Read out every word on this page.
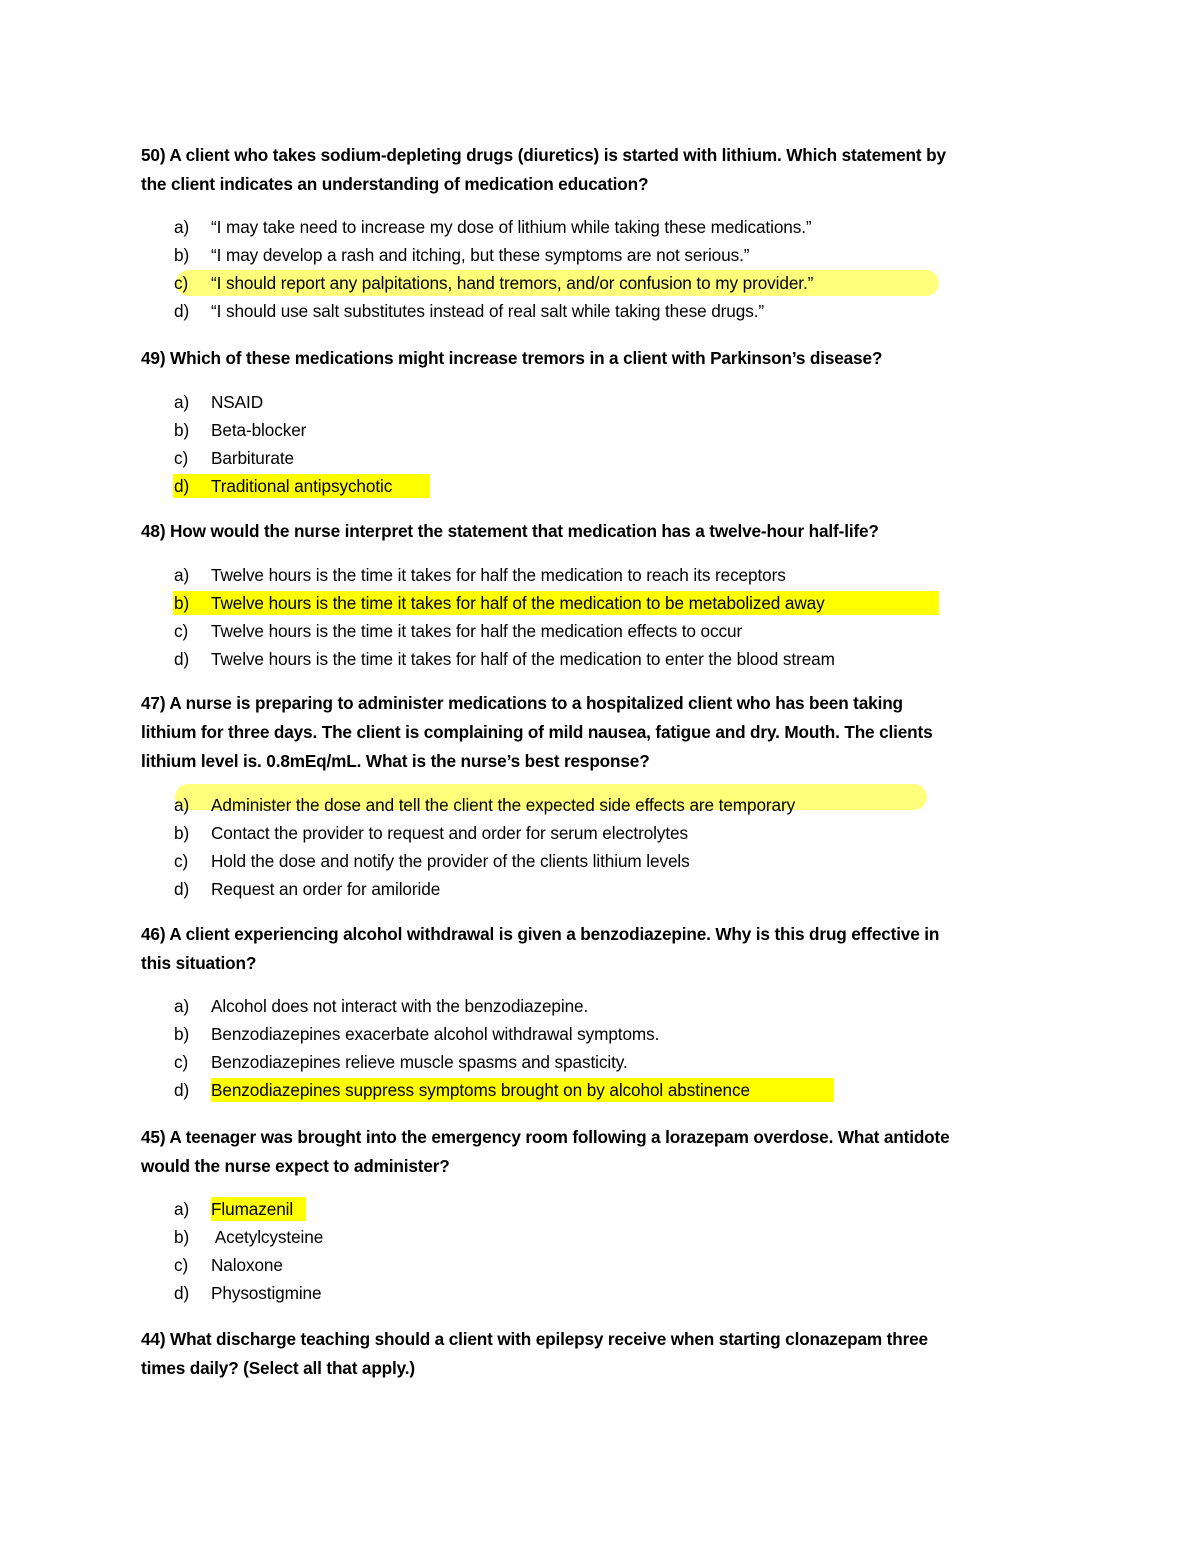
50) A client who takes sodium-depleting drugs (diuretics) is started with lithium. Which statement by
the client indicates an understanding of medication education?

a) “I may take need to increase my dose of lithium while taking these medications.”
b) “I may develop a rash and itching, but these symptoms are not serious.”
c) “I should report any palpitations, hand tremors, and/or confusion to my provider.”
d) “I should use salt substitutes instead of real salt while taking these drugs.”

49) Which of these medications might increase tremors in a client with Parkinson’s disease?

a) NSAID
b) Beta-blocker
c) Barbiturate
d) Traditional antipsychotic

48) How would the nurse interpret the statement that medication has a twelve-hour half-life?

a) Twelve hours is the time it takes for half the medication to reach its receptors
b) Twelve hours is the time it takes for half of the medication to be metabolized away
c) Twelve hours is the time it takes for half the medication effects to occur
d) Twelve hours is the time it takes for half of the medication to enter the blood stream

47) A nurse is preparing to administer medications to a hospitalized client who has been taking
lithium for three days. The client is complaining of mild nausea, fatigue and dry. Mouth. The clients
lithium level is. 0.8mEq/mL. What is the nurse’s best response?

a) Administer the dose and tell the client the expected side effects are temporary
b) Contact the provider to request and order for serum electrolytes
c) Hold the dose and notify the provider of the clients lithium levels
d) Request an order for amiloride

46) A client experiencing alcohol withdrawal is given a benzodiazepine. Why is this drug effective in
this situation?

a) Alcohol does not interact with the benzodiazepine.
b) Benzodiazepines exacerbate alcohol withdrawal symptoms.
c) Benzodiazepines relieve muscle spasms and spasticity.
d) Benzodiazepines suppress symptoms brought on by alcohol abstinence

45) A teenager was brought into the emergency room following a lorazepam overdose. What antidote
would the nurse expect to administer?

a) Flumazenil
b) Acetylcysteine
c) Naloxone
d) Physostigmine

44) What discharge teaching should a client with epilepsy receive when starting clonazepam three
times daily? (Select all that apply.)
